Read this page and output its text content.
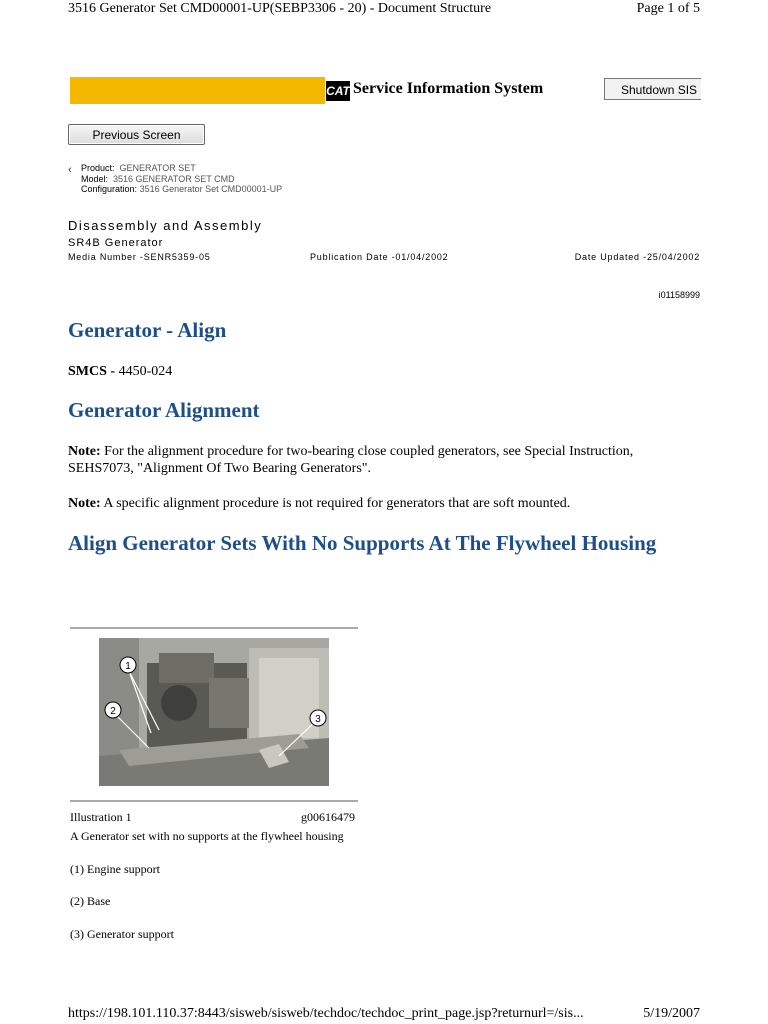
3516 Generator Set CMD00001-UP(SEBP3306 - 20) - Document Structure	Page 1 of 5
CAT Service Information System	Shutdown SIS
Previous Screen
‹ Product: GENERATOR SET
Model: 3516 GENERATOR SET CMD
Configuration: 3516 Generator Set CMD00001-UP
Disassembly and Assembly
SR4B Generator
Media Number -SENR5359-05	Publication Date -01/04/2002	Date Updated -25/04/2002
i01158999
Generator - Align
SMCS - 4450-024
Generator Alignment
Note: For the alignment procedure for two-bearing close coupled generators, see Special Instruction, SEHS7073, "Alignment Of Two Bearing Generators".
Note: A specific alignment procedure is not required for generators that are soft mounted.
Align Generator Sets With No Supports At The Flywheel Housing
1
2
3
Illustration 1	g00616479
A Generator set with no supports at the flywheel housing
(1) Engine support
(2) Base
(3) Generator support
https://198.101.110.37:8443/sisweb/sisweb/techdoc/techdoc_print_page.jsp?returnurl=/sis...	5/19/2007
